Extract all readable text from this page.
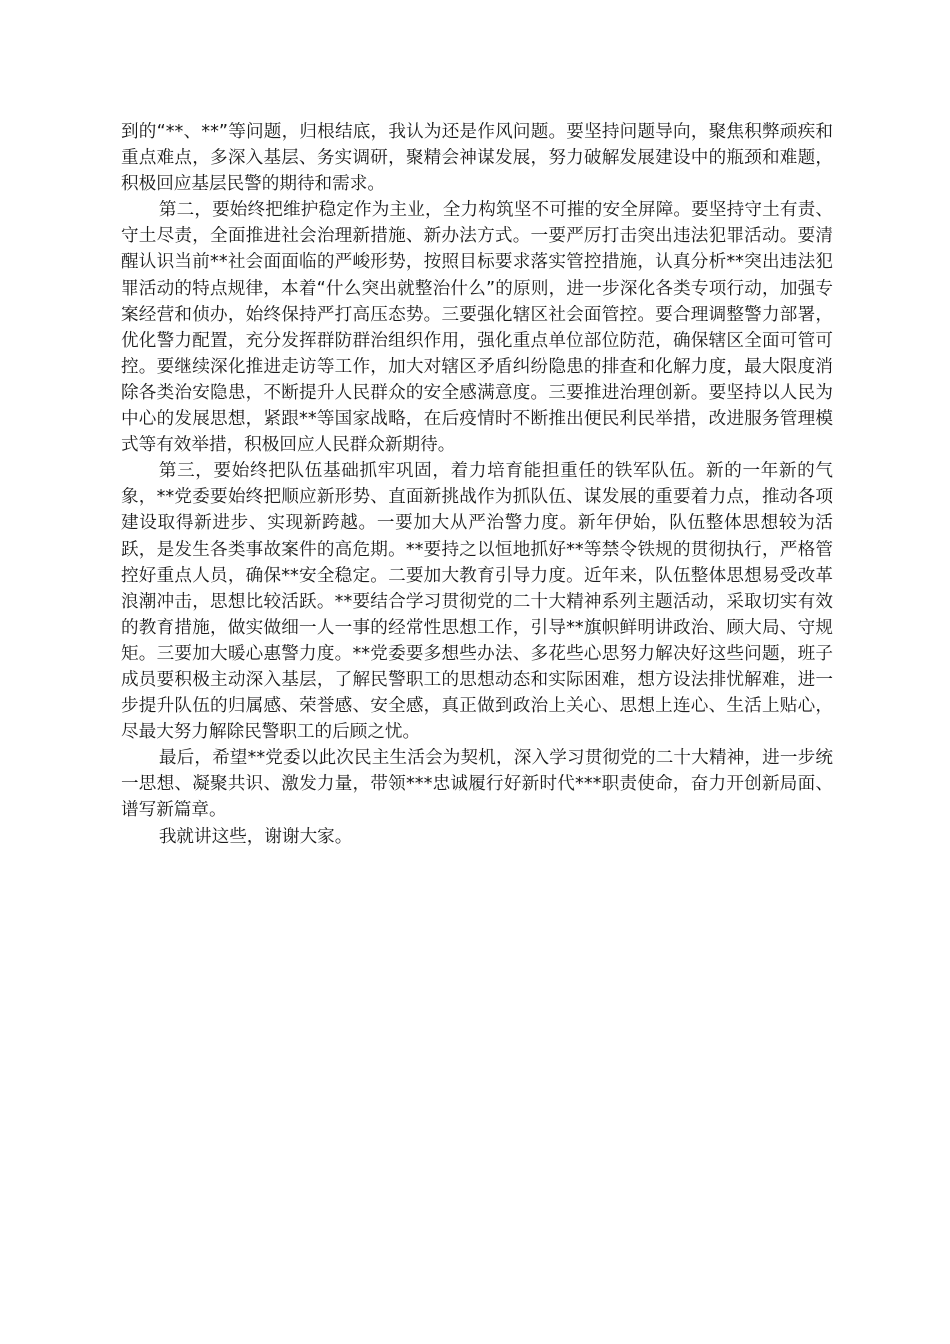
到的“**、**”等问题，归根结底，我认为还是作风问题。要坚持问题导向，聚焦积弊顽疾和重点难点，多深入基层、务实调研，聚精会神谋发展，努力破解发展建设中的瓶颈和难题，积极回应基层民警的期待和需求。

第二，要始终把维护稳定作为主业，全力构筑坚不可摧的安全屏障。要坚持守土有责、守土尽责，全面推进社会治理新措施、新办法方式。一要严厉打击突出违法犯罪活动。要清醒认识当前**社会面面临的严峻形势，按照目标要求落实管控措施，认真分析**突出违法犯罪活动的特点规律，本着“什么突出就整治什么”的原则，进一步深化各类专项行动，加强专案经营和侦办，始终保持严打高压态势。三要强化辖区社会面管控。要合理调整警力部署，优化警力配置，充分发挥群防群治组织作用，强化重点单位部位防范，确保辖区全面可管可控。要继续深化推进走访等工作，加大对辖区矛盾纠纷隐患的排查和化解力度，最大限度消除各类治安隐患，不断提升人民群众的安全感满意度。三要推进治理创新。要坚持以人民为中心的发展思想，紧跟**等国家战略，在后疫情时不断推出便民利民举措，改进服务管理模式等有效举措，积极回应人民群众新期待。

第三，要始终把队伍基础抓牢巩固，着力培育能担重任的铁军队伍。新的一年新的气象，**党委要始终把顺应新形势、直面新挑战作为抓队伍、谋发展的重要着力点，推动各项建设取得新进步、实现新跨越。一要加大从严治警力度。新年伊始，队伍整体思想较为活跃，是发生各类事故案件的高危期。**要持之以恒地抓好**等禁令铁规的贯彻执行，严格管控好重点人员，确保**安全稳定。二要加大教育引导力度。近年来，队伍整体思想易受改革浪潮冲击，思想比较活跃。**要结合学习贯彻党的二十大精神系列主题活动，采取切实有效的教育措施，做实做细一人一事的经常性思想工作，引导**旗帜鲜明讲政治、顾大局、守规矩。三要加大暖心惠警力度。**党委要多想些办法、多花些心思努力解决好这些问题，班子成员要积极主动深入基层，了解民警职工的思想动态和实际困难，想方设法排忧解难，进一步提升队伍的归属感、荣誉感、安全感，真正做到政治上关心、思想上连心、生活上贴心，尽最大努力解除民警职工的后顾之忧。

最后，希望**党委以此次民主生活会为契机，深入学习贯彻党的二十大精神，进一步统一思想、凝聚共识、激发力量，带领***忠诚履行好新时代***职责使命，奋力开创新局面、谱写新篇章。

我就讲这些，谢谢大家。
